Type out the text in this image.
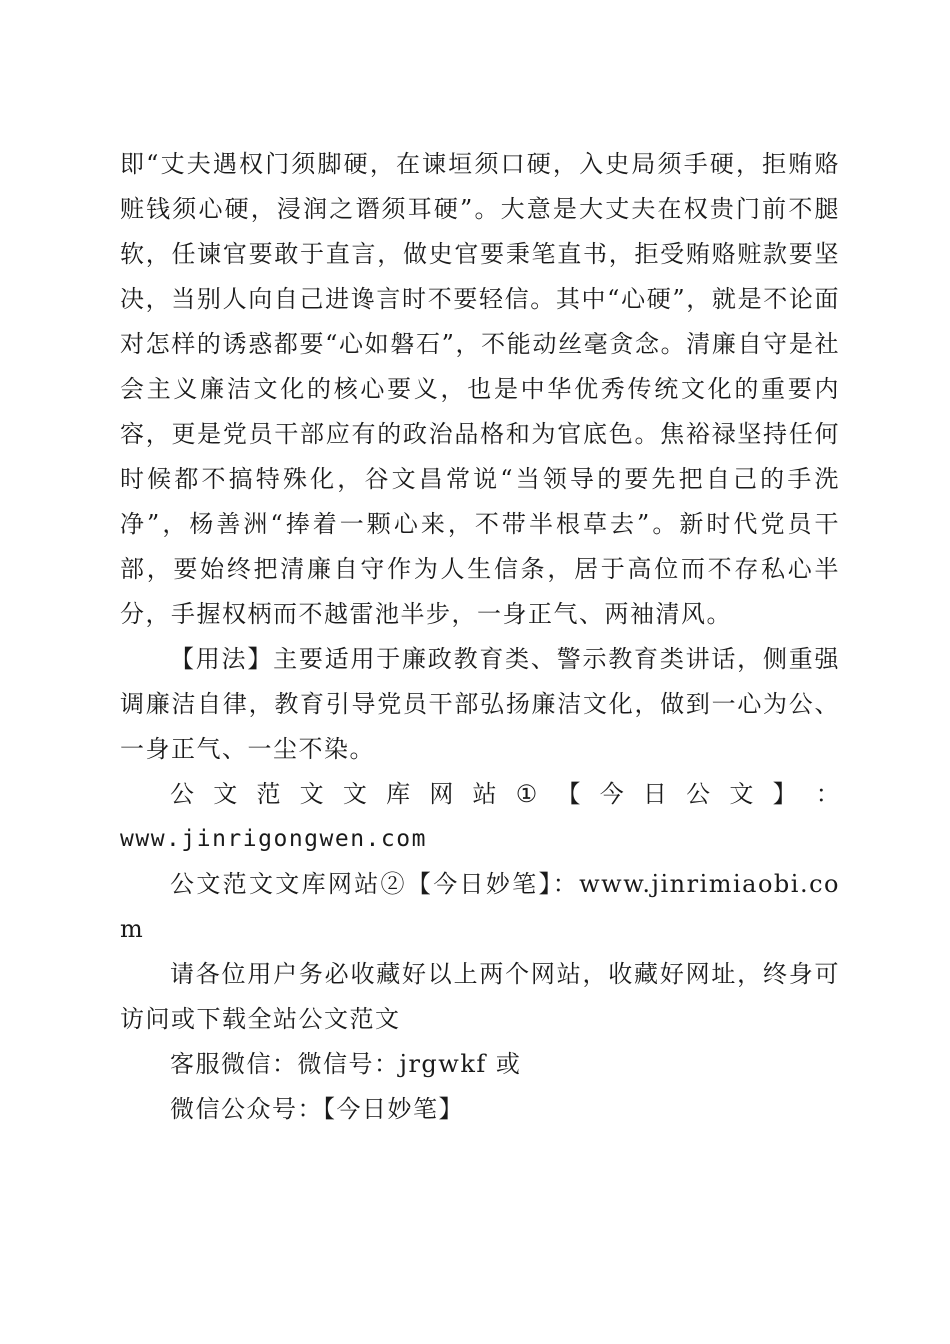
即“丈夫遇权门须脚硬，在谏垣须口硬，入史局须手硬，拒贿赂赃钱须心硬，浸润之谮须耳硬”。大意是大丈夫在权贵门前不腿软，任谏官要敢于直言，做史官要秉笔直书，拒受贿赂赃款要坚决，当别人向自己进谗言时不要轻信。其中“心硬”，就是不论面对怎样的诱惑都要“心如磐石”，不能动丝毫贪念。清廉自守是社会主义廉洁文化的核心要义，也是中华优秀传统文化的重要内容，更是党员干部应有的政治品格和为官底色。焦裕禄坚持任何时候都不搞特殊化，谷文昌常说“当领导的要先把自己的手洗净”，杨善洲“捧着一颗心来，不带半根草去”。新时代党员干部，要始终把清廉自守作为人生信条，居于高位而不存私心半分，手握权柄而不越雷池半步，一身正气、两袖清风。

【用法】主要适用于廉政教育类、警示教育类讲话，侧重强调廉洁自律，教育引导党员干部弘扬廉洁文化，做到一心为公、一身正气、一尘不染。

公 文 范 文 文 库 网 站 ① 【 今 日 公 文 】 ：
www.jinrigongwen.com

公文范文文库网站②【今日妙笔】：www.jinrimiaobi.com

请各位用户务必收藏好以上两个网站，收藏好网址，终身可访问或下载全站公文范文

客服微信：微信号：jrgwkf 或

微信公众号：【今日妙笔】
